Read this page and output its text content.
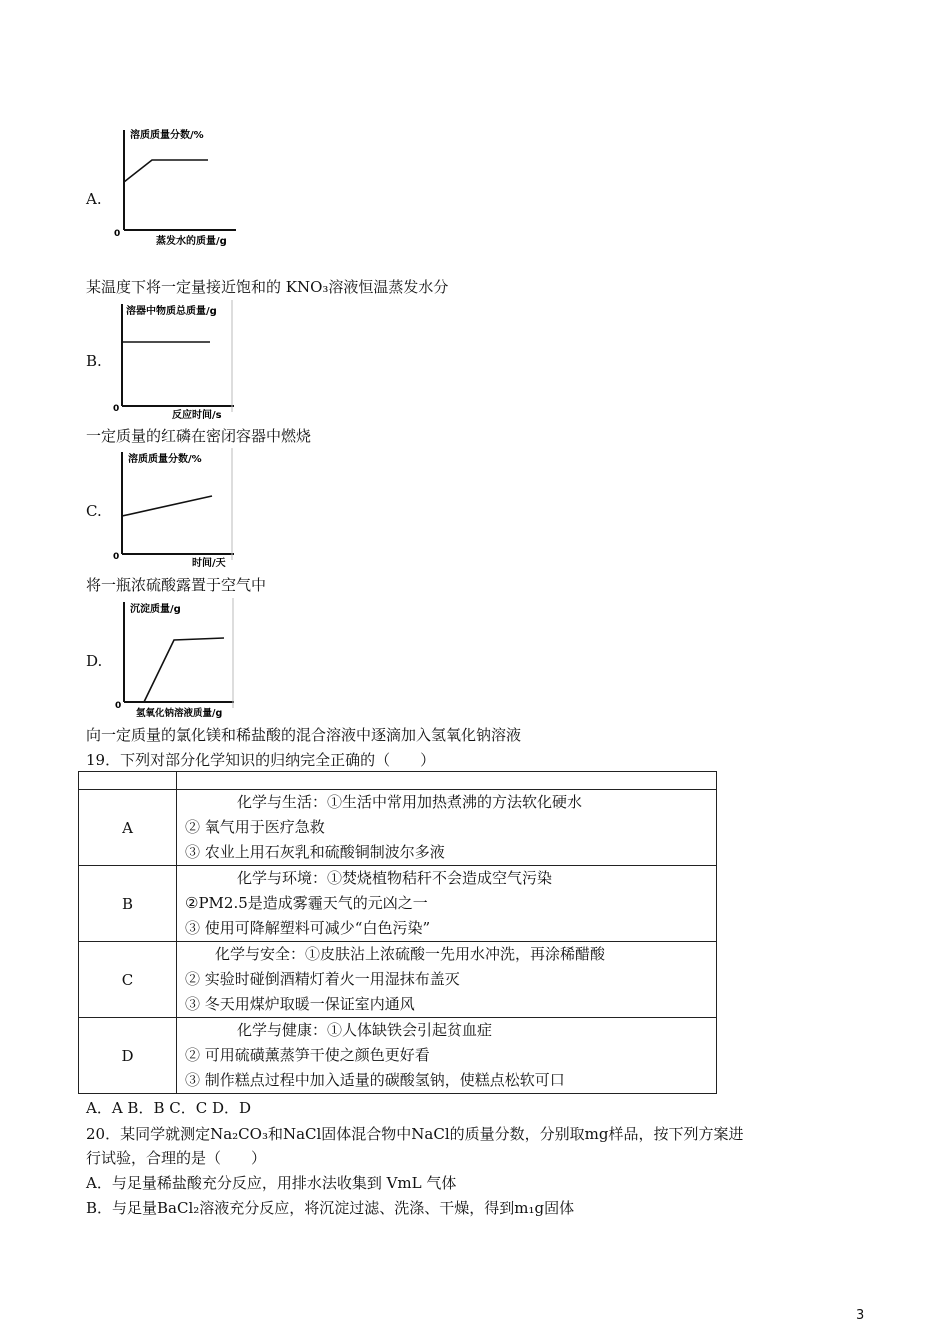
A.
溶质质量分数/%
蒸发水的质量/g
0
某温度下将一定量接近饱和的 KNO₃溶液恒温蒸发水分
B.
溶器中物质总质量/g
反应时间/s
0
一定质量的红磷在密闭容器中燃烧
C.
溶质质量分数/%
时间/天
0
将一瓶浓硫酸露置于空气中
D.
沉淀质量/g
氢氧化钠溶液质量/g
0
向一定质量的氯化镁和稀盐酸的混合溶液中逐滴加入氢氧化钠溶液
19．下列对部分化学知识的归纳完全正确的（　　）

A	化学与生活：①生活中常用加热煮沸的方法软化硬水
② 氧气用于医疗急救
③ 农业上用石灰乳和硫酸铜制波尔多液

B	化学与环境：①焚烧植物秸秆不会造成空气污染
②PM2.5是造成雾霾天气的元凶之一
③ 使用可降解塑料可减少“白色污染”

C	化学与安全：①皮肤沾上浓硫酸一先用水冲洗，再涂稀醋酸
② 实验时碰倒酒精灯着火一用湿抹布盖灭
③ 冬天用煤炉取暖一保证室内通风

D	化学与健康：①人体缺铁会引起贫血症
② 可用硫磺薰蒸笋干使之颜色更好看
③ 制作糕点过程中加入适量的碳酸氢钠，使糕点松软可口
A．A B．B C．C D．D
20．某同学就测定Na₂CO₃和NaCl固体混合物中NaCl的质量分数，分别取mg样品，按下列方案进
行试验，合理的是（　　）
A．与足量稀盐酸充分反应，用排水法收集到 VmL 气体
B．与足量BaCl₂溶液充分反应，将沉淀过滤、洗涤、干燥，得到m₁g固体
3
